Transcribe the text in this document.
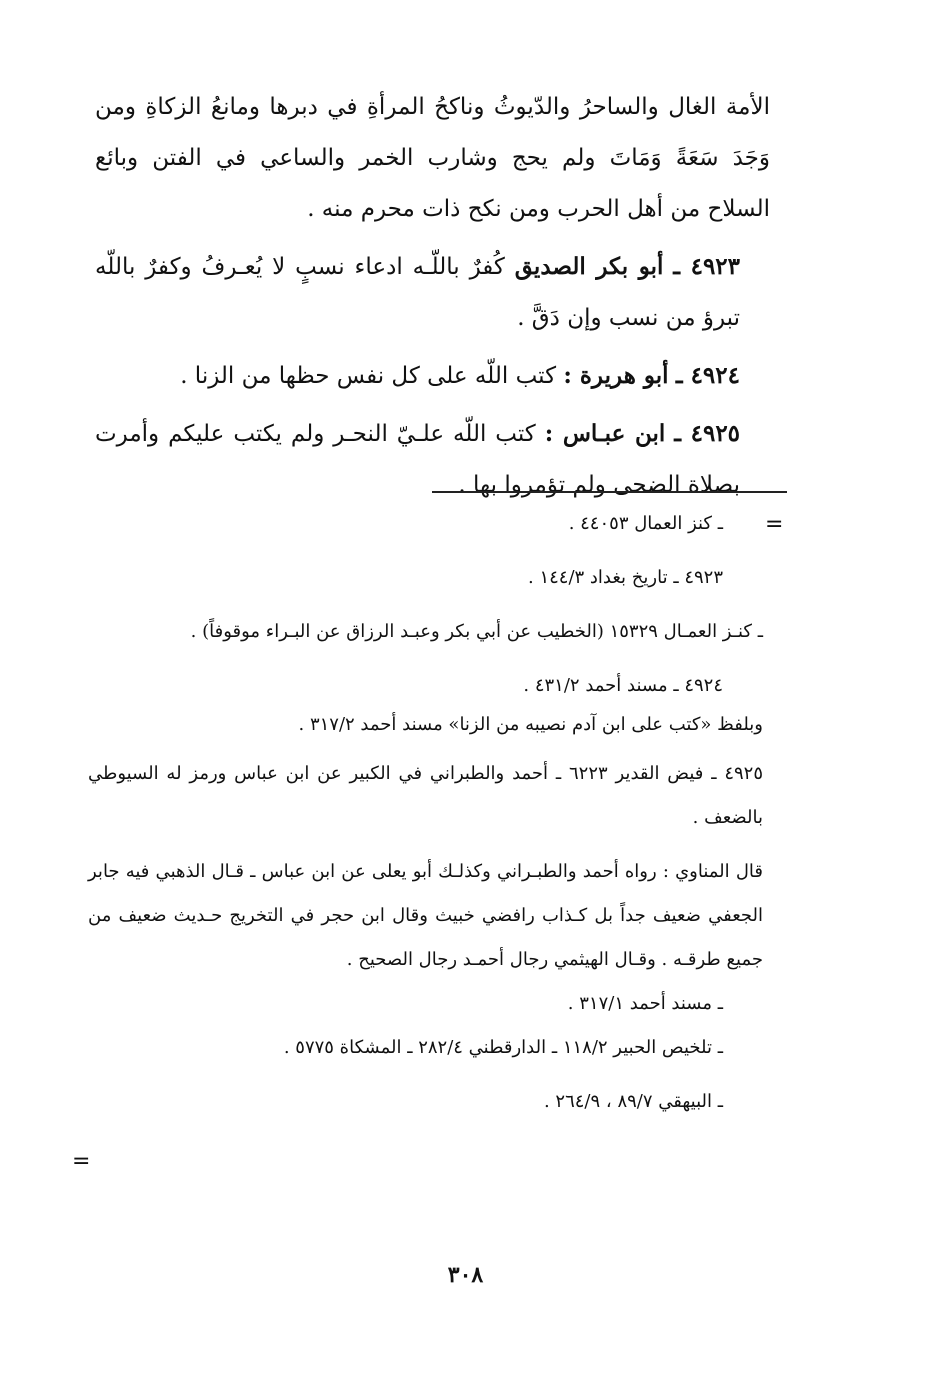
الأمة الغال والساحرُ والدّيوثُ وناكحُ المرأةِ في دبرها ومانعُ الزكاةِ ومن وَجَدَ سَعَةً وَمَاتَ ولم يحج وشارب الخمر والساعي في الفتن وبائع السلاح من أهل الحرب ومن نكح ذات محرم منه .

٤٩٢٣ ـ أبو بكر الصديق كُفرٌ باللّـه ادعاء نسبٍ لا يُعـرفُ وكفرٌ باللّه تبرؤ من نسب وإن دَقَّ .

٤٩٢٤ ـ أبو هريرة : كتب اللّه على كل نفس حظها من الزنا .

٤٩٢٥ ـ ابن عبـاس : كتب اللّه علـيّ النحـر ولم يكتب عليكم وأمرت بصلاة الضحى ولم تؤمروا بها .

=

ـ كنز العمال ٤٤٠٥٣ .

٤٩٢٣ ـ تاريخ بغداد ١٤٤/٣ .

ـ كنـز العمـال ١٥٣٢٩ (الخطيب عن أبي بكر وعبـد الرزاق عن البـراء موقوفاً) .

٤٩٢٤ ـ مسند أحمد ٤٣١/٢ .

وبلفظ «كتب على ابن آدم نصيبه من الزنا» مسند أحمد ٣١٧/٢ .

٤٩٢٥ ـ فيض القدير ٦٢٢٣ ـ أحمد والطبراني في الكبير عن ابن عباس ورمز له السيوطي بالضعف .

قال المناوي : رواه أحمد والطبـراني وكذلـك أبو يعلى عن ابن عباس ـ قـال الذهبي فيه جابر الجعفي ضعيف جداً بل كـذاب رافضي خبيث وقال ابن حجر في التخريج حـديث ضعيف من جميع طرقـه . وقـال الهيثمي رجال أحمـد رجال الصحيح .

ـ مسند أحمد ٣١٧/١ .

ـ تلخيص الحبير ١١٨/٢ ـ الدارقطني ٢٨٢/٤ ـ المشكاة ٥٧٧٥ .

ـ البيهقي ٨٩/٧ ، ٢٦٤/٩ .

=
٣٠٨
